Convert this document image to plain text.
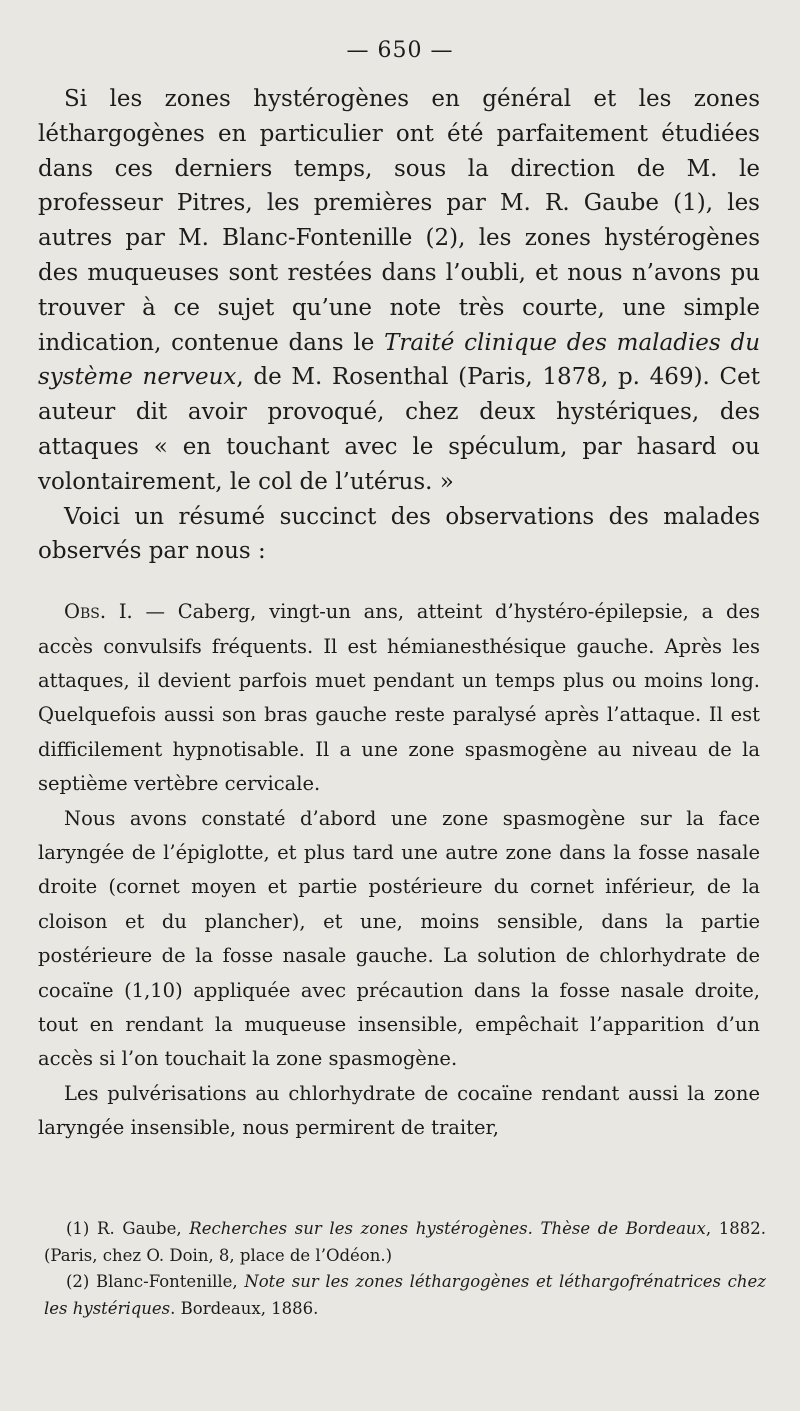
— 650 —

Si les zones hystérogènes en général et les zones léthargogènes en particulier ont été parfaitement étudiées dans ces derniers temps, sous la direction de M. le professeur Pitres, les premières par M. R. Gaube (1), les autres par M. Blanc-Fontenille (2), les zones hystérogènes des muqueuses sont restées dans l’oubli, et nous n’avons pu trouver à ce sujet qu’une note très courte, une simple indication, contenue dans le Traité clinique des maladies du système nerveux, de M. Rosenthal (Paris, 1878, p. 469). Cet auteur dit avoir provoqué, chez deux hystériques, des attaques « en touchant avec le spéculum, par hasard ou volontairement, le col de l’utérus. »

Voici un résumé succinct des observations des malades observés par nous :

Obs. I. — Caberg, vingt-un ans, atteint d’hystéro-épilepsie, a des accès convulsifs fréquents. Il est hémianesthésique gauche. Après les attaques, il devient parfois muet pendant un temps plus ou moins long. Quelquefois aussi son bras gauche reste paralysé après l’attaque. Il est difficilement hypnotisable. Il a une zone spasmogène au niveau de la septième vertèbre cervicale.

Nous avons constaté d’abord une zone spasmogène sur la face laryngée de l’épiglotte, et plus tard une autre zone dans la fosse nasale droite (cornet moyen et partie postérieure du cornet inférieur, de la cloison et du plancher), et une, moins sensible, dans la partie postérieure de la fosse nasale gauche. La solution de chlorhydrate de cocaïne (1,10) appliquée avec précaution dans la fosse nasale droite, tout en rendant la muqueuse insensible, empêchait l’apparition d’un accès si l’on touchait la zone spasmogène.

Les pulvérisations au chlorhydrate de cocaïne rendant aussi la zone laryngée insensible, nous permirent de traiter,

(1) R. Gaube, Recherches sur les zones hystérogènes. Thèse de Bordeaux, 1882. (Paris, chez O. Doin, 8, place de l’Odéon.)

(2) Blanc-Fontenille, Note sur les zones léthargogènes et léthargofrénatrices chez les hystériques. Bordeaux, 1886.
